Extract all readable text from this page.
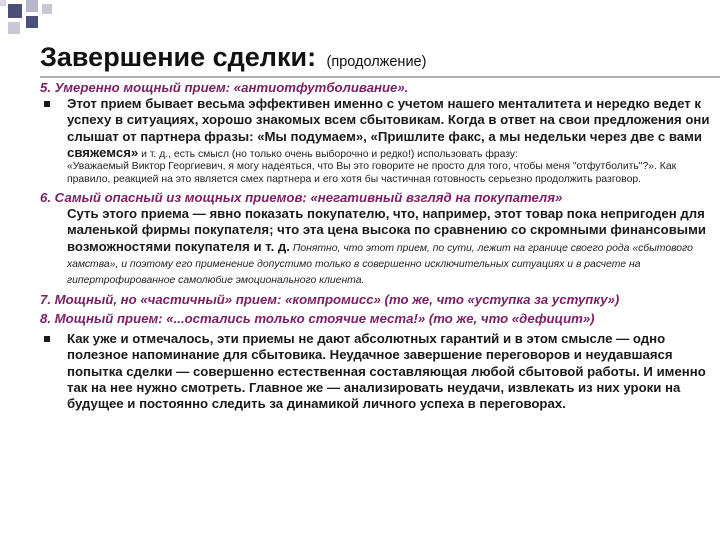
Завершение сделки: (продолжение)

5. Умеренно мощный прием: «антиотфутболивание».

Этот прием бывает весьма эффективен именно с учетом нашего менталитета и нередко ведет к успеху в ситуациях, хорошо знакомых всем сбытовикам. Когда в ответ на свои предложения они слышат от партнера фразы: «Мы подумаем», «Пришлите факс, а мы недельки через две с вами свяжемся» и т. д., есть смысл (но только очень выборочно и редко!) использовать фразу:
«Уважаемый Виктор Георгиевич, я могу надеяться, что Вы это говорите не просто для того, чтобы меня "отфутболить"?». Как правило, реакцией на это является смех партнера и его хотя бы частичная готовность серьезно продолжить разговор.

6. Самый опасный из мощных приемов: «негативный взгляд на покупателя»

Суть этого приема — явно показать покупателю, что, например, этот товар пока непригоден для маленькой фирмы покупателя; что эта цена высока по сравнению со скромными финансовыми возможностями покупателя и т. д. Понятно, что этот прием, по сути, лежит на границе своего рода «сбытового хамства», и поэтому его применение допустимо только в совершенно исключительных ситуациях и в расчете на гипертрофированное самолюбие эмоционального клиента.

7. Мощный, но «частичный» прием: «компромисс» (то же, что «уступка за уступку»)

8. Мощный прием: «...остались только стоячие места!» (то же, что «дефицит»)

Как уже и отмечалось, эти приемы не дают абсолютных гарантий и в этом смысле — одно полезное напоминание для сбытовика. Неудачное завершение переговоров и неудавшаяся попытка сделки — совершенно естественная составляющая любой сбытовой работы. И именно так на нее нужно смотреть. Главное же — анализировать неудачи, извлекать из них уроки на будущее и постоянно следить за динамикой личного успеха в переговорах.
